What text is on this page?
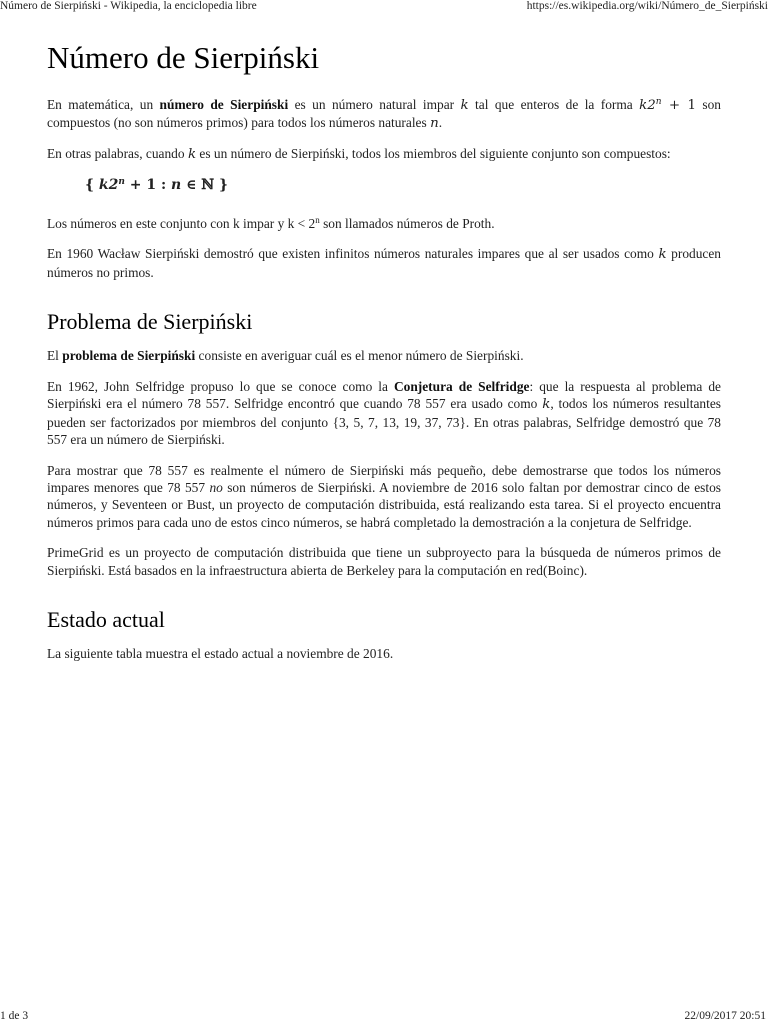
Número de Sierpiński - Wikipedia, la enciclopedia libre	https://es.wikipedia.org/wiki/Número_de_Sierpiński
Número de Sierpiński

En matemática, un número de Sierpiński es un número natural impar k tal que enteros de la forma $k2^n + 1$ son compuestos (no son números primos) para todos los números naturales n.

En otras palabras, cuando k es un número de Sierpiński, todos los miembros del siguiente conjunto son compuestos:

{ $k2^n + 1$ : n ∈ ℕ }

Los números en este conjunto con k impar y $k < 2^n$ son llamados números de Proth.

En 1960 Wacław Sierpiński demostró que existen infinitos números naturales impares que al ser usados como k producen números no primos.

Problema de Sierpiński

El problema de Sierpiński consiste en averiguar cuál es el menor número de Sierpiński.

En 1962, John Selfridge propuso lo que se conoce como la Conjetura de Selfridge: que la respuesta al problema de Sierpiński era el número 78 557. Selfridge encontró que cuando 78 557 era usado como k, todos los números resultantes pueden ser factorizados por miembros del conjunto {3, 5, 7, 13, 19, 37, 73}. En otras palabras, Selfridge demostró que 78 557 era un número de Sierpiński.

Para mostrar que 78 557 es realmente el número de Sierpiński más pequeño, debe demostrarse que todos los números impares menores que 78 557 no son números de Sierpiński. A noviembre de 2016 solo faltan por demostrar cinco de estos números, y Seventeen or Bust, un proyecto de computación distribuida, está realizando esta tarea. Si el proyecto encuentra números primos para cada uno de estos cinco números, se habrá completado la demostración a la conjetura de Selfridge.

PrimeGrid es un proyecto de computación distribuida que tiene un subproyecto para la búsqueda de números primos de Sierpiński. Está basados en la infraestructura abierta de Berkeley para la computación en red(Boinc).

Estado actual

La siguiente tabla muestra el estado actual a noviembre de 2016.

1 de 3	22/09/2017 20:51
